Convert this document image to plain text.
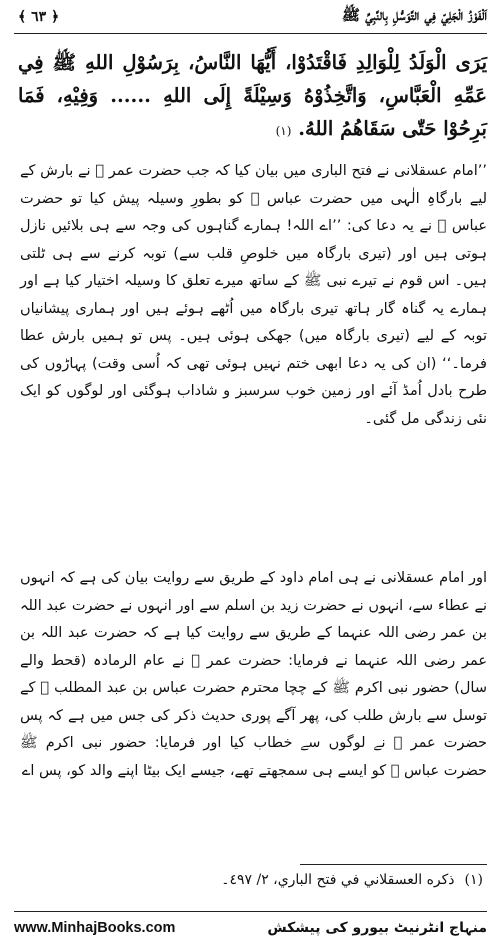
اَلْفَوْزُ الْجَلِيّ فِي التَّوَسُّلِ بِالنَّبِيِّ ﷺ
﴿ ٦٣ ﴾
يَرَى الْوَلَدُ لِلْوَالِدِ فَاقْتَدُوْا، أَيُّهَا النَّاسُ، بِرَسُوْلِ اللهِ ﷺ فِي عَمِّهِ الْعَبَّاسِ، وَاتَّخِذُوْهُ وَسِيْلَةً إِلَى اللهِ ...... وَفِيْهِ، فَمَا بَرِحُوْا حَتّٰى سَقَاهُمُ اللهُ. (١)
’’امام عسقلانی نے فتح الباری میں بیان کیا کہ جب حضرت عمر ﷛ نے بارش کے لیے بارگاہِ الٰہی میں حضرت عباس ﷛ کو بطورِ وسیلہ پیش کیا تو حضرت عباس ﷛ نے یہ دعا کی: ’’اے اللہ! ہمارے گناہوں کی وجہ سے ہی بلائیں نازل ہوتی ہیں اور (تیری بارگاہ میں خلوصِ قلب سے) توبہ کرنے سے ہی ٹلتی ہیں۔ اس قوم نے تیرے نبی ﷺ کے ساتھ میرے تعلق کا وسیلہ اختیار کیا ہے اور ہمارے یہ گناہ گار ہاتھ تیری بارگاہ میں اُٹھے ہوئے ہیں اور ہماری پیشانیاں توبہ کے لیے (تیری بارگاہ میں) جھکی ہوئی ہیں۔ پس تو ہمیں بارش عطا فرما۔‘‘ (ان کی یہ دعا ابھی ختم نہیں ہوئی تھی کہ اُسی وقت) پہاڑوں کی طرح بادل اُمڈ آئے اور زمین خوب سرسبز و شاداب ہوگئی اور لوگوں کو ایک نئی زندگی مل گئی۔
اور امام عسقلانی نے ہی امام داود کے طریق سے روایت بیان کی ہے کہ انہوں نے عطاء سے، انہوں نے حضرت زید بن اسلم سے اور انہوں نے حضرت عبد اللہ بن عمر رضی اللہ عنہما کے طریق سے روایت کیا ہے کہ حضرت عبد اللہ بن عمر رضی اللہ عنہما نے فرمایا: حضرت عمر ﷛ نے عام الرمادہ (قحط والے سال) حضور نبی اکرم ﷺ کے چچا محترم حضرت عباس بن عبد المطلب ﷛ کے توسل سے بارش طلب کی، پھر آگے پوری حدیث ذکر کی جس میں ہے کہ پس حضرت عمر ﷛ نے لوگوں سے خطاب کیا اور فرمایا: حضور نبی اکرم ﷺ حضرت عباس ﷛ کو ایسے ہی سمجھتے تھے، جیسے ایک بیٹا اپنے والد کو، پس اے
(١)
ذكره العسقلاني في فتح الباري، ٢/ ٤٩٧۔
www.MinhajBooks.com	منہاج انٹرنیٹ بیورو کی پیشکش
